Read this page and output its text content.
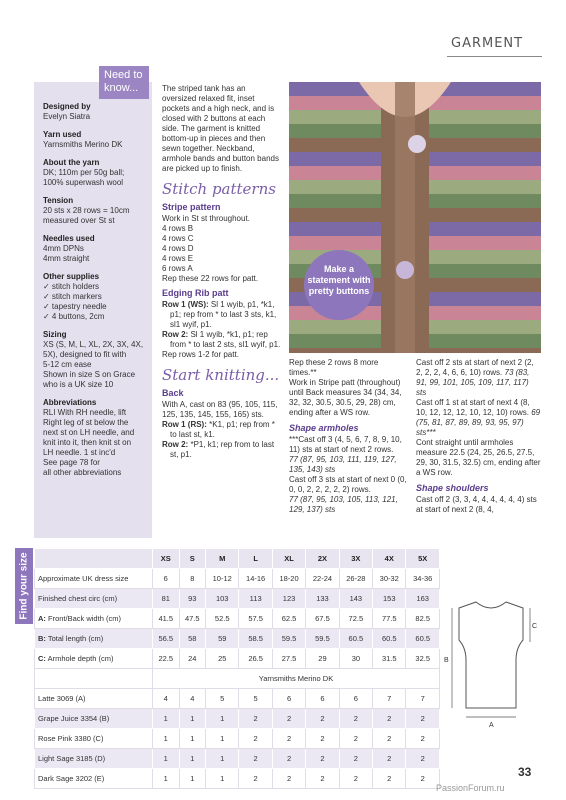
GARMENT
Need to know...
Designed by
Evelyn Siatra
Yarn used
Yarnsmiths Merino DK
About the yarn
DK; 110m per 50g ball;
100% superwash wool
Tension
20 sts x 28 rows = 10cm
measured over St st
Needles used
4mm DPNs
4mm straight
Other supplies
✓ stitch holders
✓ stitch markers
✓ tapestry needle
✓ 4 buttons, 2cm
Sizing
XS (S, M, L, XL, 2X, 3X, 4X,
5X), designed to fit with
5-12 cm ease
Shown in size S on Grace
who is a UK size 10
Abbreviations
RLI With RH needle, lift
Right leg of st below the
next st on LH needle, and
knit into it, then knit st on
LH needle. 1 st inc'd
See page 78 for
all other abbreviations

The striped tank has an oversized relaxed fit, inset pockets and a high neck, and is closed with 2 buttons at each side. The garment is knitted bottom-up in pieces and then sewn together. Neckband, armhole bands and button bands are picked up to finish.

Stitch patterns
Stripe pattern
Work in St st throughout.
4 rows B
4 rows C
4 rows D
4 rows E
6 rows A
Rep these 22 rows for patt.
Edging Rib patt

Row 1 (WS): Sl 1 wyib, p1, *k1, p1; rep from * to last 3 sts, k1, sl1 wyif, p1.

Row 2: Sl 1 wyib, *k1, p1; rep from * to last 2 sts, sl1 wyif, p1.

Rep rows 1-2 for patt.

Start knitting...
Back

With A, cast on 83 (95, 105, 115, 125, 135, 145, 155, 165) sts.

Row 1 (RS): *K1, p1; rep from * to last st, k1.

Row 2: *P1, k1; rep from to last st, p1.

Rep these 2 rows 8 more times.**

Work in Stripe patt (throughout) until Back measures 34 (34, 34, 32, 32, 30.5, 30.5, 29, 28) cm, ending after a WS row.

Shape armholes

***Cast off 3 (4, 5, 6, 7, 8, 9, 10, 11) sts at start of next 2 rows.

77 (87, 95, 103, 111, 119, 127, 135, 143) sts

Cast off 3 sts at start of next 0 (0, 0, 0, 2, 2, 2, 2, 2) rows.

77 (87, 95, 103, 105, 113, 121, 129, 137) sts

Cast off 2 sts at start of next 2 (2, 2, 2, 2, 4, 6, 6, 10) rows. 73 (83, 91, 99, 101, 105, 109, 117, 117) sts

Cast off 1 st at start of next 4 (8, 10, 12, 12, 12, 10, 12, 10) rows. 69 (75, 81, 87, 89, 89, 93, 95, 97) sts***

Cont straight until armholes measure 22.5 (24, 25, 26.5, 27.5, 29, 30, 31.5, 32.5) cm, ending after a WS row.

Shape shoulders

Cast off 2 (3, 3, 4, 4, 4, 4, 4, 4) sts at start of next 2 (8, 4,

Make a statement with pretty buttons
Find your size
		XS	S	M	L	XL	2X	3X	4X	5X
Approximate UK dress size	6	8	10-12	14-16	18-20	22-24	26-28	30-32	34-36
Finished chest circ (cm)	81	93	103	113	123	133	143	153	163
A: Front/Back width (cm)	41.5	47.5	52.5	57.5	62.5	67.5	72.5	77.5	82.5
B: Total length (cm)	56.5	58	59	58.5	59.5	59.5	60.5	60.5	60.5
C: Armhole depth (cm)	22.5	24	25	26.5	27.5	29	30	31.5	32.5
	Yarnsmiths Merino DK								
Latte 3069 (A)	4	4	5	5	6	6	6	7	7
Grape Juice 3354 (B)	1	1	1	2	2	2	2	2	2
Rose Pink 3380 (C)	1	1	1	2	2	2	2	2	2
Light Sage 3185 (D)	1	1	1	2	2	2	2	2	2
Dark Sage 3202 (E)	1	1	1	2	2	2	2	2	2
A
B
C
33
PassionForum.ru
